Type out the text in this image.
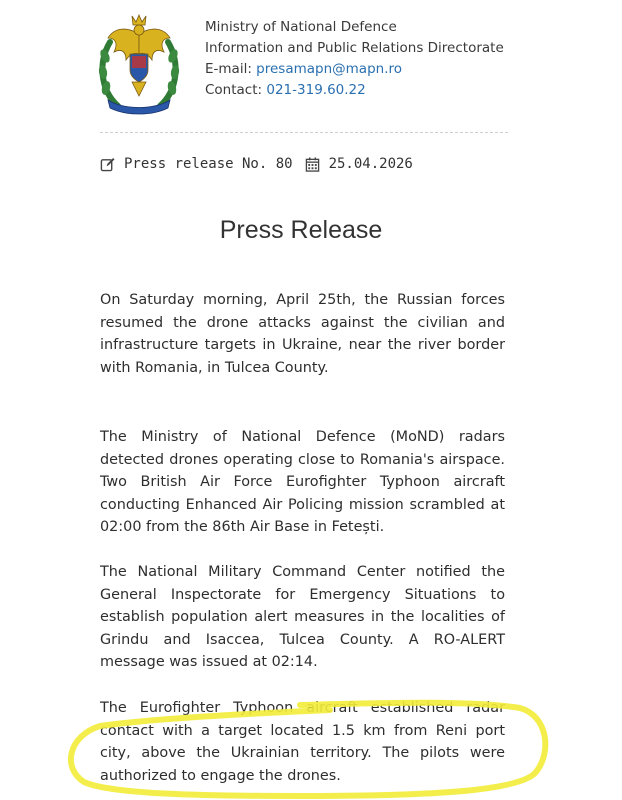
Ministry of National Defence
Information and Public Relations Directorate
E-mail: presamapn@mapn.ro
Contact: 021-319.60.22
Press release No. 80	25.04.2026
Press Release

On Saturday morning, April 25th, the Russian forces resumed the drone attacks against the civilian and infrastructure targets in Ukraine, near the river border with Romania, in Tulcea County.

The Ministry of National Defence (MoND) radars detected drones operating close to Romania's airspace. Two British Air Force Eurofighter Typhoon aircraft conducting Enhanced Air Policing mission scrambled at 02:00 from the 86th Air Base in Fetești.

The National Military Command Center notified the General Inspectorate for Emergency Situations to establish population alert measures in the localities of Grindu and Isaccea, Tulcea County. A RO-ALERT message was issued at 02:14.

The Eurofighter Typhoon aircraft established radar contact with a target located 1.5 km from Reni port city, above the Ukrainian territory. The pilots were authorized to engage the drones.
